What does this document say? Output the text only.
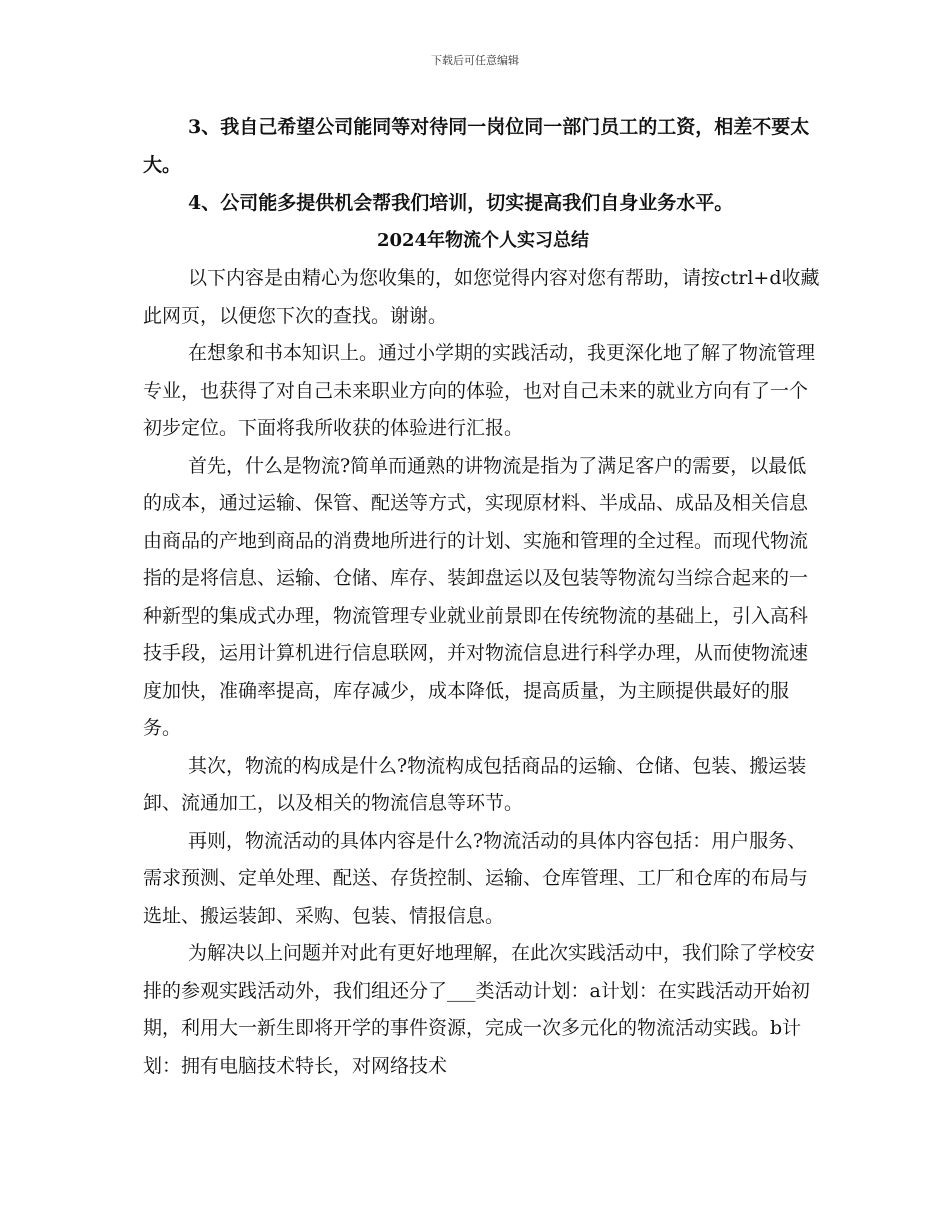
下载后可任意编辑

3、我自己希望公司能同等对待同一岗位同一部门员工的工资，相差不要太大。

4、公司能多提供机会帮我们培训，切实提高我们自身业务水平。

2024年物流个人实习总结

以下内容是由精心为您收集的，如您觉得内容对您有帮助，请按ctrl+d收藏此网页，以便您下次的查找。谢谢。

在想象和书本知识上。通过小学期的实践活动，我更深化地了解了物流管理专业，也获得了对自己未来职业方向的体验，也对自己未来的就业方向有了一个初步定位。下面将我所收获的体验进行汇报。

首先，什么是物流?简单而通熟的讲物流是指为了满足客户的需要，以最低的成本，通过运输、保管、配送等方式，实现原材料、半成品、成品及相关信息由商品的产地到商品的消费地所进行的计划、实施和管理的全过程。而现代物流指的是将信息、运输、仓储、库存、装卸盘运以及包装等物流勾当综合起来的一种新型的集成式办理，物流管理专业就业前景即在传统物流的基础上，引入高科技手段，运用计算机进行信息联网，并对物流信息进行科学办理，从而使物流速度加快，准确率提高，库存减少，成本降低，提高质量，为主顾提供最好的服务。

其次，物流的构成是什么?物流构成包括商品的运输、仓储、包装、搬运装卸、流通加工，以及相关的物流信息等环节。

再则，物流活动的具体内容是什么?物流活动的具体内容包括：用户服务、需求预测、定单处理、配送、存货控制、运输、仓库管理、工厂和仓库的布局与选址、搬运装卸、采购、包装、情报信息。

为解决以上问题并对此有更好地理解，在此次实践活动中，我们除了学校安排的参观实践活动外，我们组还分了___类活动计划：a计划：在实践活动开始初期，利用大一新生即将开学的事件资源，完成一次多元化的物流活动实践。b计划：拥有电脑技术特长，对网络技术
